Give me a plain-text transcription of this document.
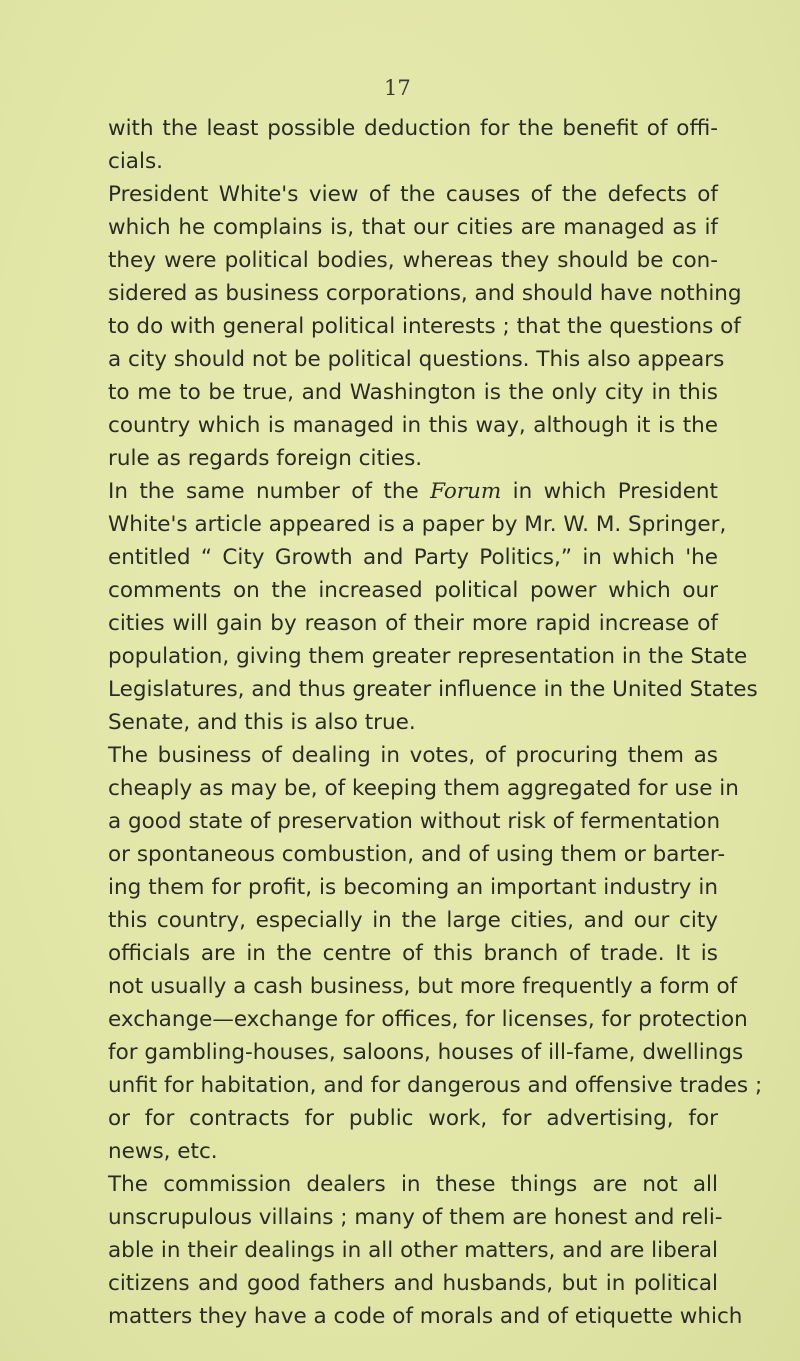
17
with the least possible deduction for the benefit of offi-
cials.
President White's view of the causes of the defects of
which he complains is, that our cities are managed as if
they were political bodies, whereas they should be con-
sidered as business corporations, and should have nothing
to do with general political interests ; that the questions of
a city should not be political questions. This also appears
to me to be true, and Washington is the only city in this
country which is managed in this way, although it is the
rule as regards foreign cities.
In the same number of the Forum in which President
White's article appeared is a paper by Mr. W. M. Springer,
entitled “ City Growth and Party Politics,” in which 'he
comments on the increased political power which our
cities will gain by reason of their more rapid increase of
population, giving them greater representation in the State
Legislatures, and thus greater influence in the United States
Senate, and this is also true.
The business of dealing in votes, of procuring them as
cheaply as may be, of keeping them aggregated for use in
a good state of preservation without risk of fermentation
or spontaneous combustion, and of using them or barter-
ing them for profit, is becoming an important industry in
this country, especially in the large cities, and our city
officials are in the centre of this branch of trade. It is
not usually a cash business, but more frequently a form of
exchange—exchange for offices, for licenses, for protection
for gambling-houses, saloons, houses of ill-fame, dwellings
unfit for habitation, and for dangerous and offensive trades ;
or for contracts for public work, for advertising, for
news, etc.
The commission dealers in these things are not all
unscrupulous villains ; many of them are honest and reli-
able in their dealings in all other matters, and are liberal
citizens and good fathers and husbands, but in political
matters they have a code of morals and of etiquette which
